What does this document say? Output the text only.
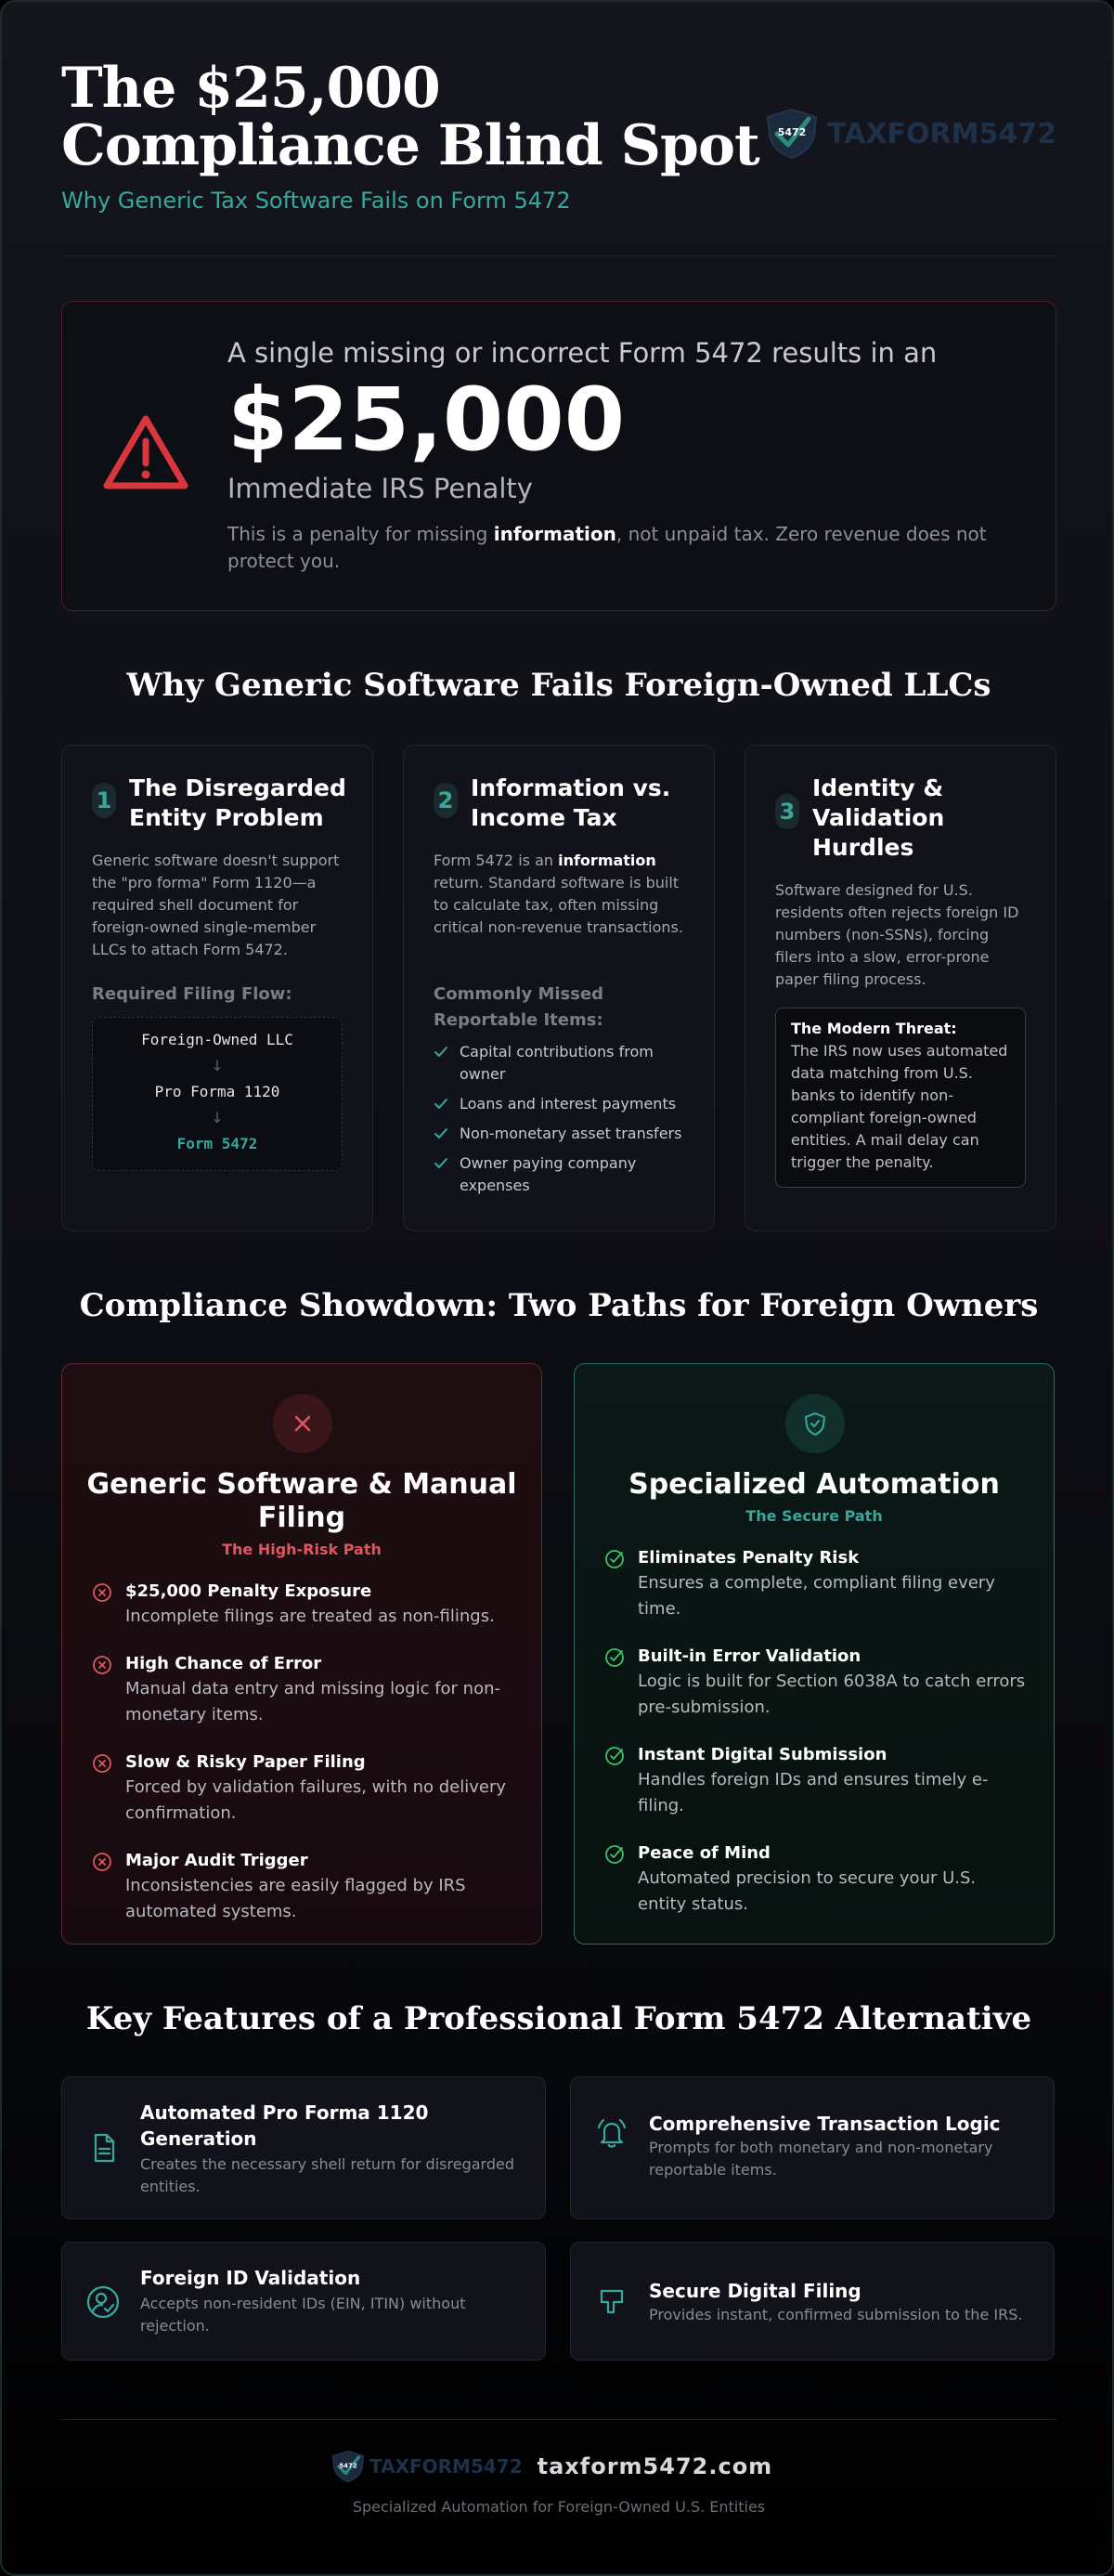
The $25,000 Compliance Blind Spot
Why Generic Tax Software Fails on Form 5472
5472 TAXFORM5472
A single missing or incorrect Form 5472 results in an
$25,000
Immediate IRS Penalty
This is a penalty for missing information, not unpaid tax. Zero revenue does not protect you.
Why Generic Software Fails Foreign-Owned LLCs
1 The Disregarded Entity Problem
Generic software doesn't support the "pro forma" Form 1120—a required shell document for foreign-owned single-member LLCs to attach Form 5472.
Required Filing Flow:
Foreign-Owned LLC
↓
Pro Forma 1120
↓
Form 5472
2 Information vs. Income Tax
Form 5472 is an information return. Standard software is built to calculate tax, often missing critical non-revenue transactions.
Commonly Missed Reportable Items:
Capital contributions from owner
Loans and interest payments
Non-monetary asset transfers
Owner paying company expenses
3
Identity & Validation Hurdles
Software designed for U.S. residents often rejects foreign ID numbers (non-SSNs), forcing filers into a slow, error-prone paper filing process.
The Modern Threat:
The IRS now uses automated data matching from U.S. banks to identify non-compliant foreign-owned entities. A mail delay can trigger the penalty.
Compliance Showdown: Two Paths for Foreign Owners
Generic Software & Manual Filing
The High-Risk Path
$25,000 Penalty Exposure
Incomplete filings are treated as non-filings.
High Chance of Error
Manual data entry and missing logic for non-monetary items.
Slow & Risky Paper Filing
Forced by validation failures, with no delivery confirmation.
Major Audit Trigger
Inconsistencies are easily flagged by IRS automated systems.
Specialized Automation
The Secure Path
Eliminates Penalty Risk
Ensures a complete, compliant filing every time.
Built-in Error Validation
Logic is built for Section 6038A to catch errors pre-submission.
Instant Digital Submission
Handles foreign IDs and ensures timely e-filing.
Peace of Mind
Automated precision to secure your U.S. entity status.
Key Features of a Professional Form 5472 Alternative
Automated Pro Forma 1120 Generation
Creates the necessary shell return for disregarded entities.
Comprehensive Transaction Logic
Prompts for both monetary and non-monetary reportable items.
Foreign ID Validation
Accepts non-resident IDs (EIN, ITIN) without rejection.
Secure Digital Filing
Provides instant, confirmed submission to the IRS.
5472 TAXFORM5472 taxform5472.com
Specialized Automation for Foreign-Owned U.S. Entities
